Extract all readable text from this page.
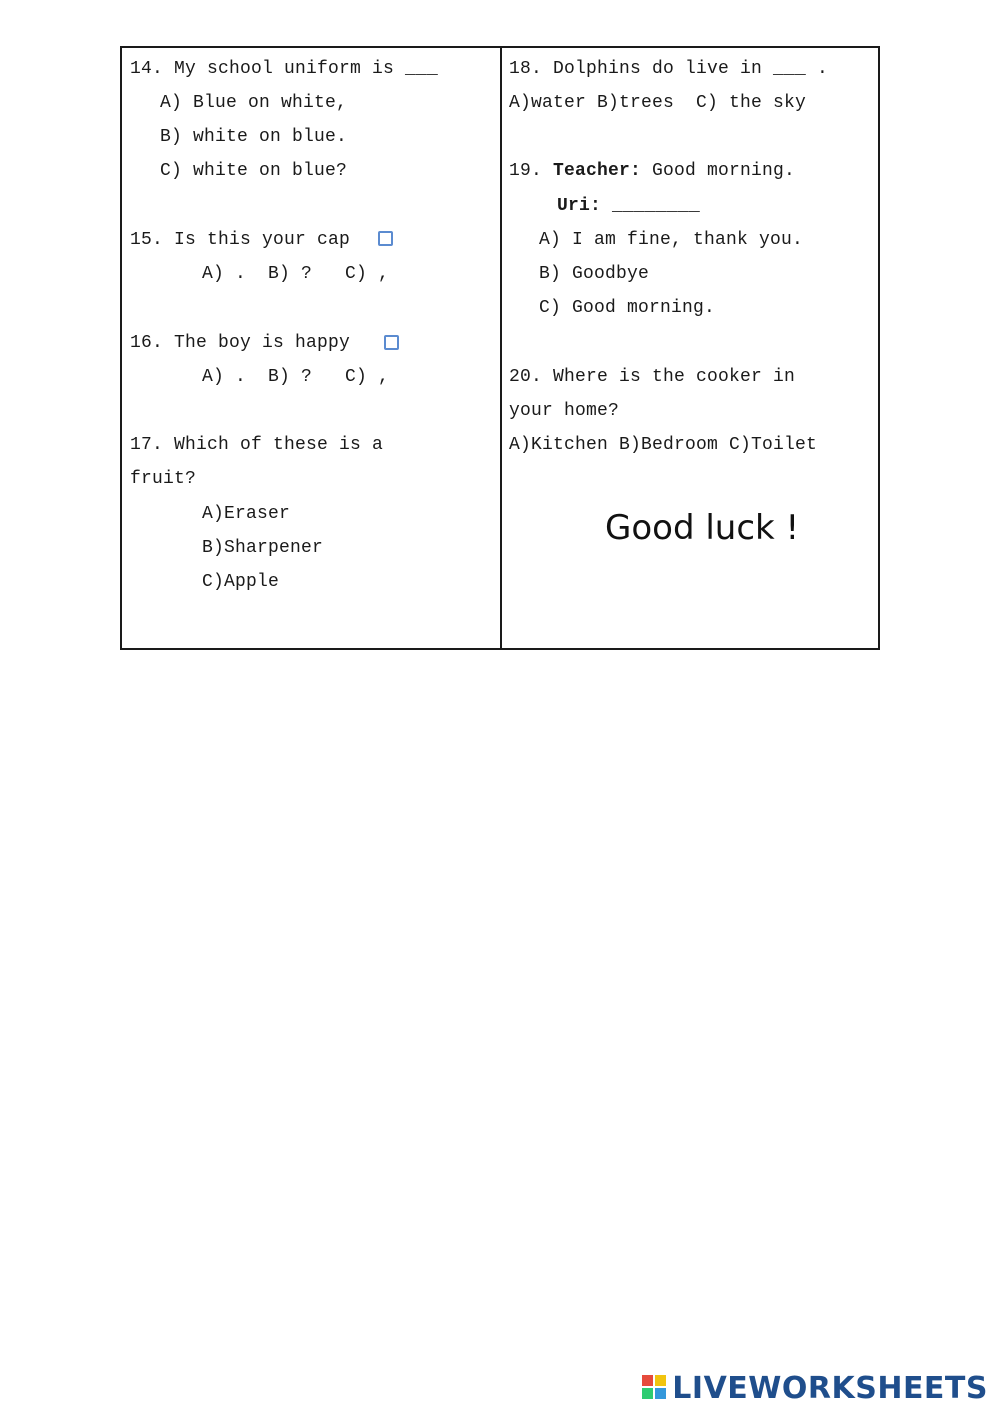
14. My school uniform is ___
A) Blue on white,
B) white on blue.
C) white on blue?
15. Is this your cap
A) .  B) ?   C) ,
16. The boy is happy
A) .  B) ?   C) ,
17. Which of these is a
fruit?
A)Eraser
B)Sharpener
C)Apple
18. Dolphins do live in ___ .
A)water B)trees  C) the sky
19. Teacher: Good morning.
Uri: ________
A) I am fine, thank you.
B) Goodbye
C) Good morning.
20. Where is the cooker in
your home?
A)Kitchen B)Bedroom C)Toilet
Good luck !
LIVEWORKSHEETS
